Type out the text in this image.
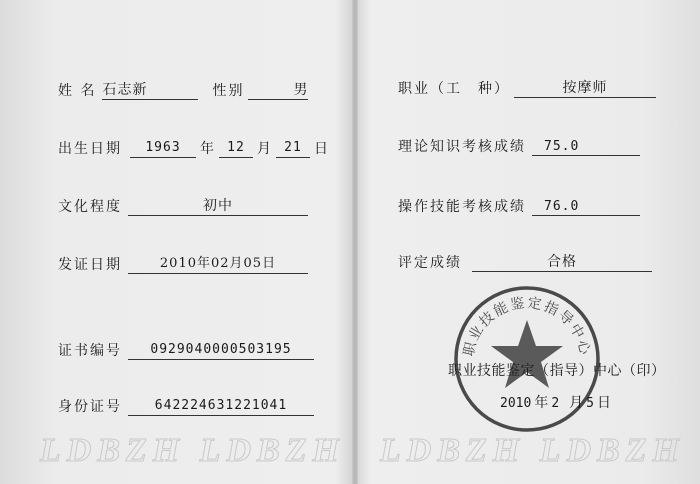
姓 名 石志新	性别	男
出生日期	1963	年 12 月 21 日
文化程度	初中
发证日期	2010年02月05日
证书编号	0929040000503195
身份证号	642224631221041
LDBZH LDBZH
职业（工　种）	按摩师
理论知识考核成绩	75.0
操作技能考核成绩	76.0
评定成绩	合格
职业技能鉴定指导中心
职业技能鉴定（指导）中心（印）
2010 年 2 月 5 日
LDBZH LDBZH
